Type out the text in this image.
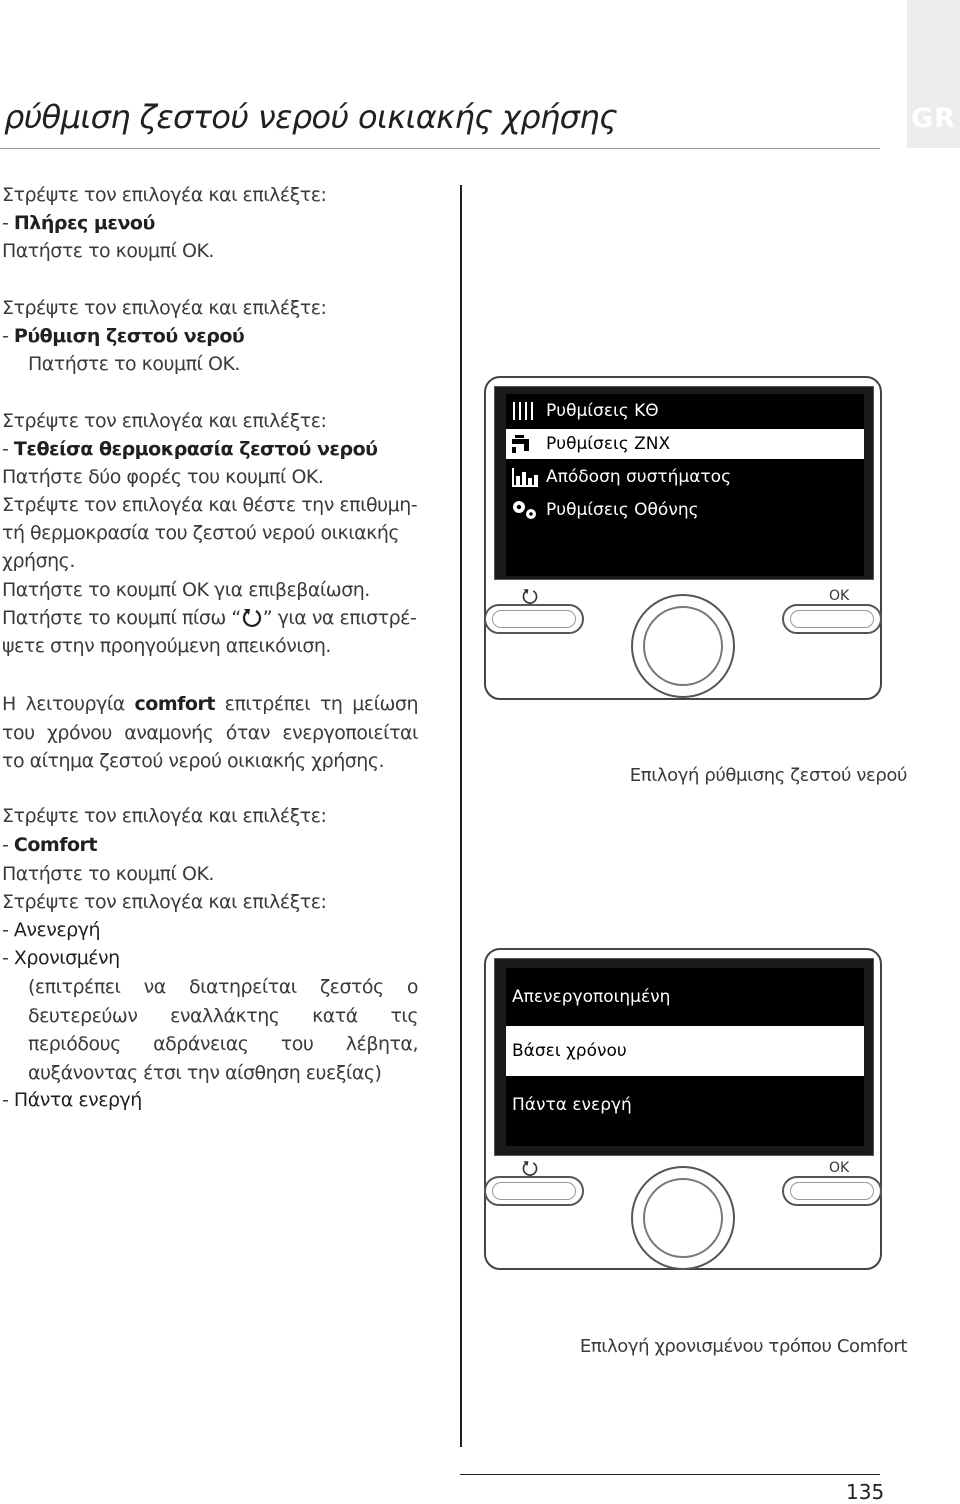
GR
ρύθμιση ζεστού νερού οικιακής χρήσης
Στρέψτε τον επιλογέα και επιλέξτε:
- Πλήρες μενού
Πατήστε το κουμπί OK.
Στρέψτε τον επιλογέα και επιλέξτε:
- Ρύθμιση ζεστού νερού
Πατήστε το κουμπί OK.
Στρέψτε τον επιλογέα και επιλέξτε:
- Τεθείσα θερμοκρασία ζεστού νερού
Πατήστε δύο φορές του κουμπί OK.
Στρέψτε τον επιλογέα και θέστε την επιθυμη-
τή θερμοκρασία του ζεστού νερού οικιακής
χρήσης.
Πατήστε το κουμπί OK για επιβεβαίωση.
Πατήστε το κουμπί πίσω “ ” για να επιστρέ-
ψετε στην προηγούμενη απεικόνιση.
Η λειτουργία comfort επιτρέπει τη μείωση του χρόνου αναμονής όταν ενεργοποιείται το αίτημα ζεστού νερού οικιακής χρήσης.
Στρέψτε τον επιλογέα και επιλέξτε:
- Comfort
Πατήστε το κουμπί OK.
Στρέψτε τον επιλογέα και επιλέξτε:
- Ανενεργή
- Χρονισμένη
(επιτρέπει να διατηρείται ζεστός ο δευτερεύων εναλλάκτης κατά τις περιόδους αδράνειας του λέβητα, αυξάνοντας έτσι την αίσθηση ευεξίας)
- Πάντα ενεργή
Ρυθμίσεις ΚΘ
Ρυθμίσεις ΖΝΧ
Απόδοση συστήματος
Ρυθμίσεις Οθόνης
OK
Επιλογή ρύθμισης ζεστού νερού
Απενεργοποιημένη
Βάσει χρόνου
Πάντα ενεργή
OK
Επιλογή χρονισμένου τρόπου Comfort
135
